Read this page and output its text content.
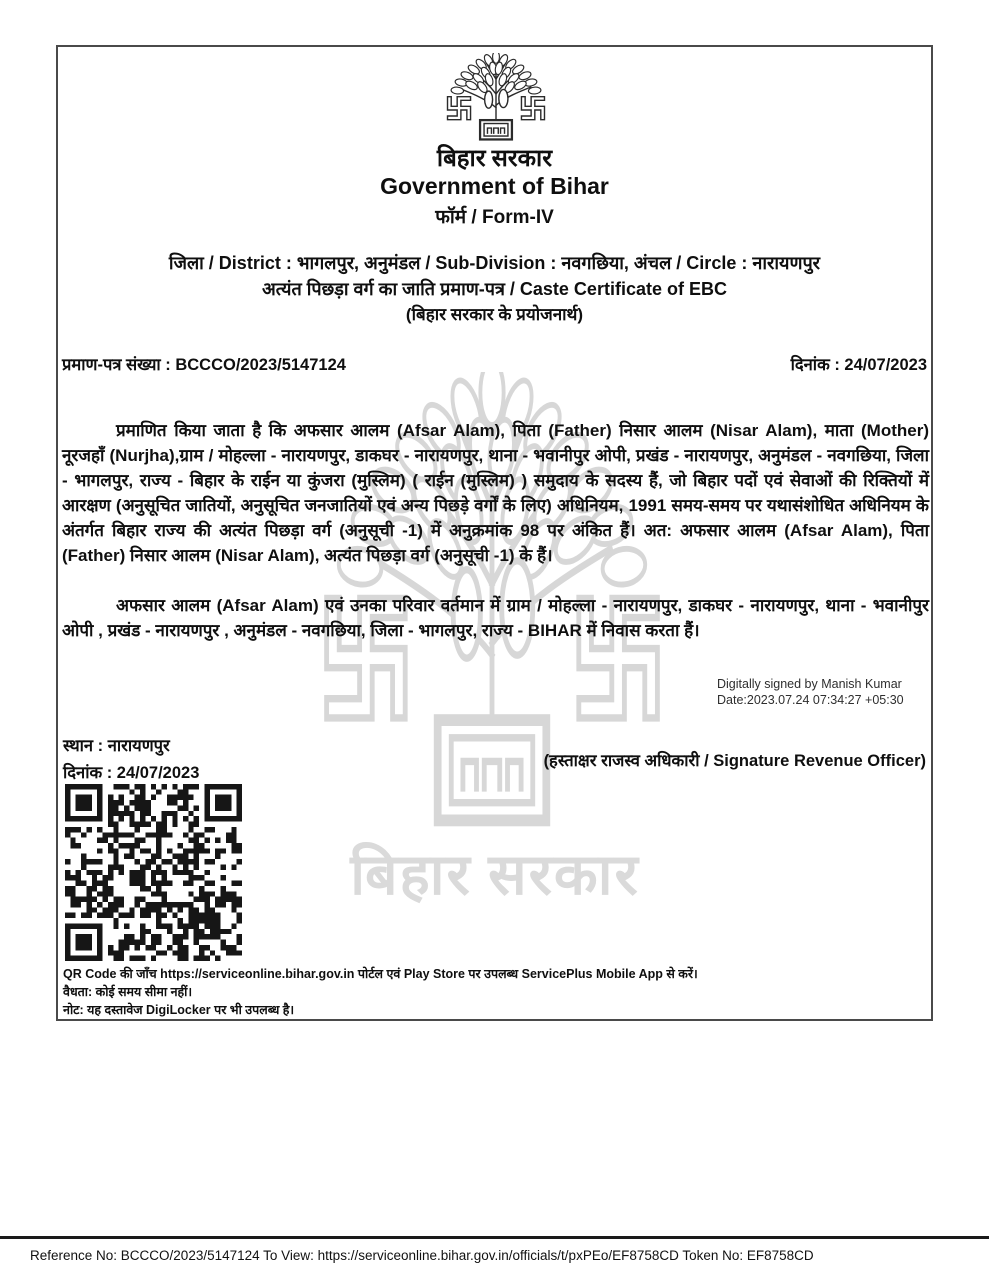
बिहार सरकार
बिहार सरकार
Government of Bihar
फॉर्म / Form-IV
जिला / District : भागलपुर, अनुमंडल / Sub-Division : नवगछिया, अंचल / Circle : नारायणपुर
अत्यंत पिछड़ा वर्ग का जाति प्रमाण-पत्र / Caste Certificate of EBC
(बिहार सरकार के प्रयोजनार्थ)
प्रमाण-पत्र संख्या : BCCCO/2023/5147124	दिनांक : 24/07/2023
प्रमाणित किया जाता है कि अफसार आलम (Afsar Alam), पिता (Father) निसार आलम (Nisar Alam), माता (Mother) नूरजहाँ (Nurjha),ग्राम / मोहल्ला - नारायणपुर, डाकघर - नारायणपुर, थाना - भवानीपुर ओपी, प्रखंड - नारायणपुर, अनुमंडल - नवगछिया, जिला - भागलपुर, राज्य - बिहार के राईन या कुंजरा (मुस्लिम) ( राईन (मुस्लिम) ) समुदाय के सदस्य हैं, जो बिहार पदों एवं सेवाओं की रिक्तियों में आरक्षण (अनुसूचित जातियों, अनुसूचित जनजातियों एवं अन्य पिछड़े वर्गों के लिए) अधिनियम, 1991 समय-समय पर यथासंशोधित अधिनियम के अंतर्गत बिहार राज्य की अत्यंत पिछड़ा वर्ग (अनुसूची -1) में अनुक्रमांक 98 पर अंकित हैं। अत: अफसार आलम (Afsar Alam), पिता (Father) निसार आलम (Nisar Alam), अत्यंत पिछड़ा वर्ग (अनुसूची -1) के हैं।
अफसार आलम (Afsar Alam) एवं उनका परिवार वर्तमान में ग्राम / मोहल्ला - नारायणपुर, डाकघर - नारायणपुर, थाना - भवानीपुर ओपी , प्रखंड - नारायणपुर , अनुमंडल - नवगछिया, जिला - भागलपुर, राज्य - BIHAR में निवास करता हैं।
Digitally signed by Manish Kumar
Date:2023.07.24 07:34:27 +05:30
स्थान : नारायणपुर
दिनांक : 24/07/2023
(हस्ताक्षर राजस्व अधिकारी / Signature Revenue Officer)
QR Code की जाँच https://serviceonline.bihar.gov.in पोर्टल एवं Play Store पर उपलब्ध ServicePlus Mobile App से करें।
वैधता: कोई समय सीमा नहीं।
नोट: यह दस्तावेज DigiLocker पर भी उपलब्ध है।
Reference No: BCCCO/2023/5147124 To View: https://serviceonline.bihar.gov.in/officials/t/pxPEo/EF8758CD Token No: EF8758CD
